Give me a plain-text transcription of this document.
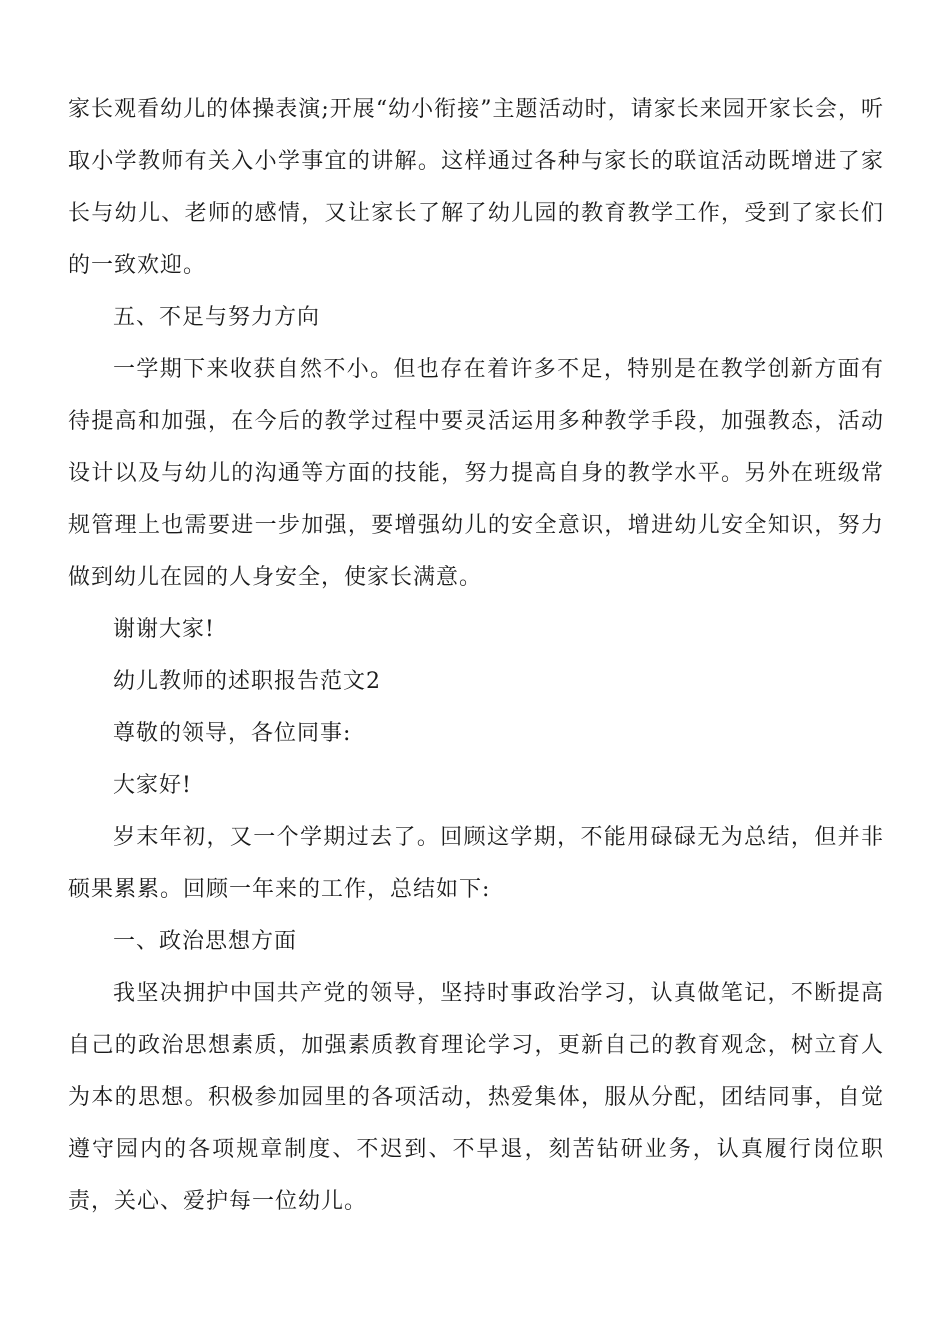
家长观看幼儿的体操表演;开展“幼小衔接”主题活动时，请家长来园开家长会，听取小学教师有关入小学事宜的讲解。这样通过各种与家长的联谊活动既增进了家长与幼儿、老师的感情，又让家长了解了幼儿园的教育教学工作，受到了家长们的一致欢迎。

五、不足与努力方向

一学期下来收获自然不小。但也存在着许多不足，特别是在教学创新方面有待提高和加强，在今后的教学过程中要灵活运用多种教学手段，加强教态，活动设计以及与幼儿的沟通等方面的技能，努力提高自身的教学水平。另外在班级常规管理上也需要进一步加强，要增强幼儿的安全意识，增进幼儿安全知识，努力做到幼儿在园的人身安全，使家长满意。

谢谢大家!

幼儿教师的述职报告范文2

尊敬的领导，各位同事:

大家好!

岁末年初，又一个学期过去了。回顾这学期，不能用碌碌无为总结，但并非硕果累累。回顾一年来的工作，总结如下:

一、政治思想方面

我坚决拥护中国共产党的领导，坚持时事政治学习，认真做笔记，不断提高自己的政治思想素质，加强素质教育理论学习，更新自己的教育观念，树立育人为本的思想。积极参加园里的各项活动，热爱集体，服从分配，团结同事，自觉遵守园内的各项规章制度、不迟到、不早退，刻苦钻研业务，认真履行岗位职责，关心、爱护每一位幼儿。
